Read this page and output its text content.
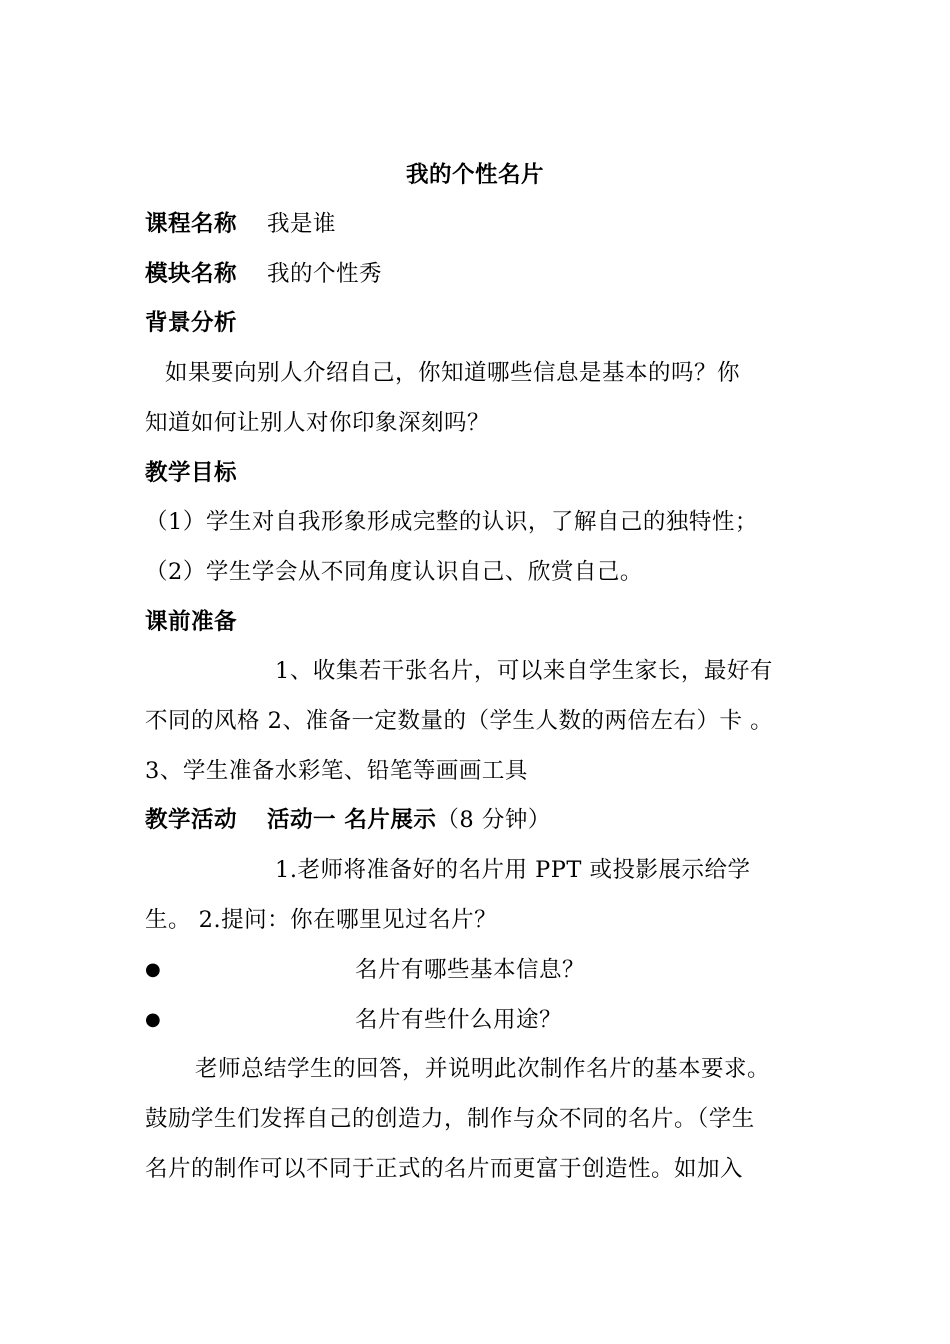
我的个性名片
课程名称 我是谁
模块名称 我的个性秀
背景分析
如果要向别人介绍自己，你知道哪些信息是基本的吗？你
知道如何让别人对你印象深刻吗？
教学目标
（1）学生对自我形象形成完整的认识，了解自己的独特性；
（2）学生学会从不同角度认识自己、欣赏自己。
课前准备
1、收集若干张名片，可以来自学生家长，最好有
不同的风格 2、准备一定数量的（学生人数的两倍左右）卡 。
3、学生准备水彩笔、铅笔等画画工具
教学活动 活动一 名片展示（8 分钟）
1.老师将准备好的名片用 PPT 或投影展示给学
生。 2.提问：你在哪里见过名片？
●	名片有哪些基本信息？
●	名片有些什么用途？
老师总结学生的回答，并说明此次制作名片的基本要求。
鼓励学生们发挥自己的创造力，制作与众不同的名片。（学生
名片的制作可以不同于正式的名片而更富于创造性。如加入
